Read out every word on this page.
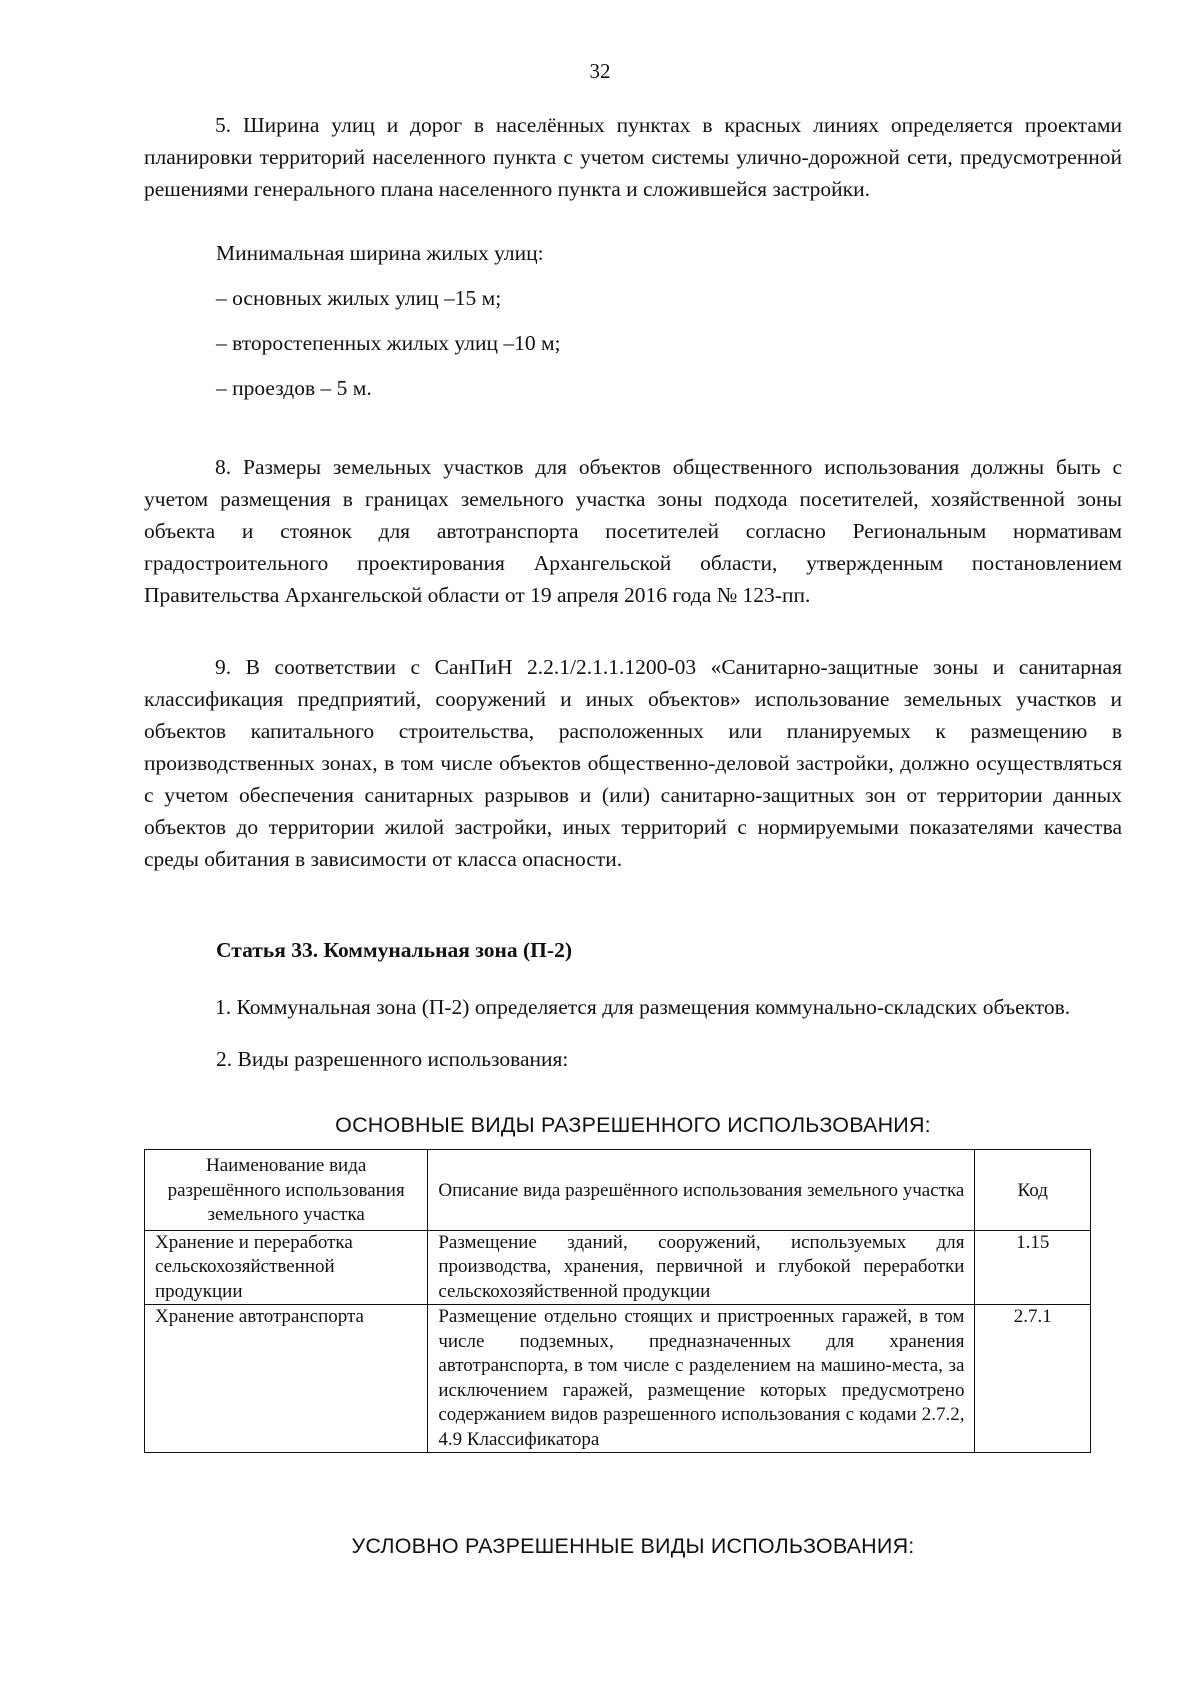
32

5. Ширина улиц и дорог в населённых пунктах в красных линиях определяется проектами планировки территорий населенного пункта с учетом системы улично-дорожной сети, предусмотренной решениями генерального плана населенного пункта и сложившейся застройки.

Минимальная ширина жилых улиц:

– основных жилых улиц –15 м;

– второстепенных жилых улиц –10 м;

– проездов – 5 м.

8. Размеры земельных участков для объектов общественного использования должны быть с учетом размещения в границах земельного участка зоны подхода посетителей, хозяйственной зоны объекта и стоянок для автотранспорта посетителей согласно Региональным нормативам градостроительного проектирования Архангельской области, утвержденным постановлением Правительства Архангельской области от 19 апреля 2016 года № 123-пп.

9. В соответствии с СанПиН 2.2.1/2.1.1.1200-03 «Санитарно-защитные зоны и санитарная классификация предприятий, сооружений и иных объектов» использование земельных участков и объектов капитального строительства, расположенных или планируемых к размещению в производственных зонах, в том числе объектов общественно-деловой застройки, должно осуществляться с учетом обеспечения санитарных разрывов и (или) санитарно-защитных зон от территории данных объектов до территории жилой застройки, иных территорий с нормируемыми показателями качества среды обитания в зависимости от класса опасности.

Статья 33. Коммунальная зона (П-2)

1. Коммунальная зона (П-2) определяется для размещения коммунально-складских объектов.

2. Виды разрешенного использования:

ОСНОВНЫЕ ВИДЫ РАЗРЕШЕННОГО ИСПОЛЬЗОВАНИЯ:
Наименование вида разрешённого использования земельного участка	Описание вида разрешённого использования земельного участка	Код
Хранение и переработка сельскохозяйственной продукции	Размещение зданий, сооружений, используемых для производства, хранения, первичной и глубокой переработки сельскохозяйственной продукции	1.15
Хранение автотранспорта	Размещение отдельно стоящих и пристроенных гаражей, в том числе подземных, предназначенных для хранения автотранспорта, в том числе с разделением на машино-места, за исключением гаражей, размещение которых предусмотрено содержанием видов разрешенного использования с кодами 2.7.2, 4.9 Классификатора	2.7.1
УСЛОВНО РАЗРЕШЕННЫЕ ВИДЫ ИСПОЛЬЗОВАНИЯ:
